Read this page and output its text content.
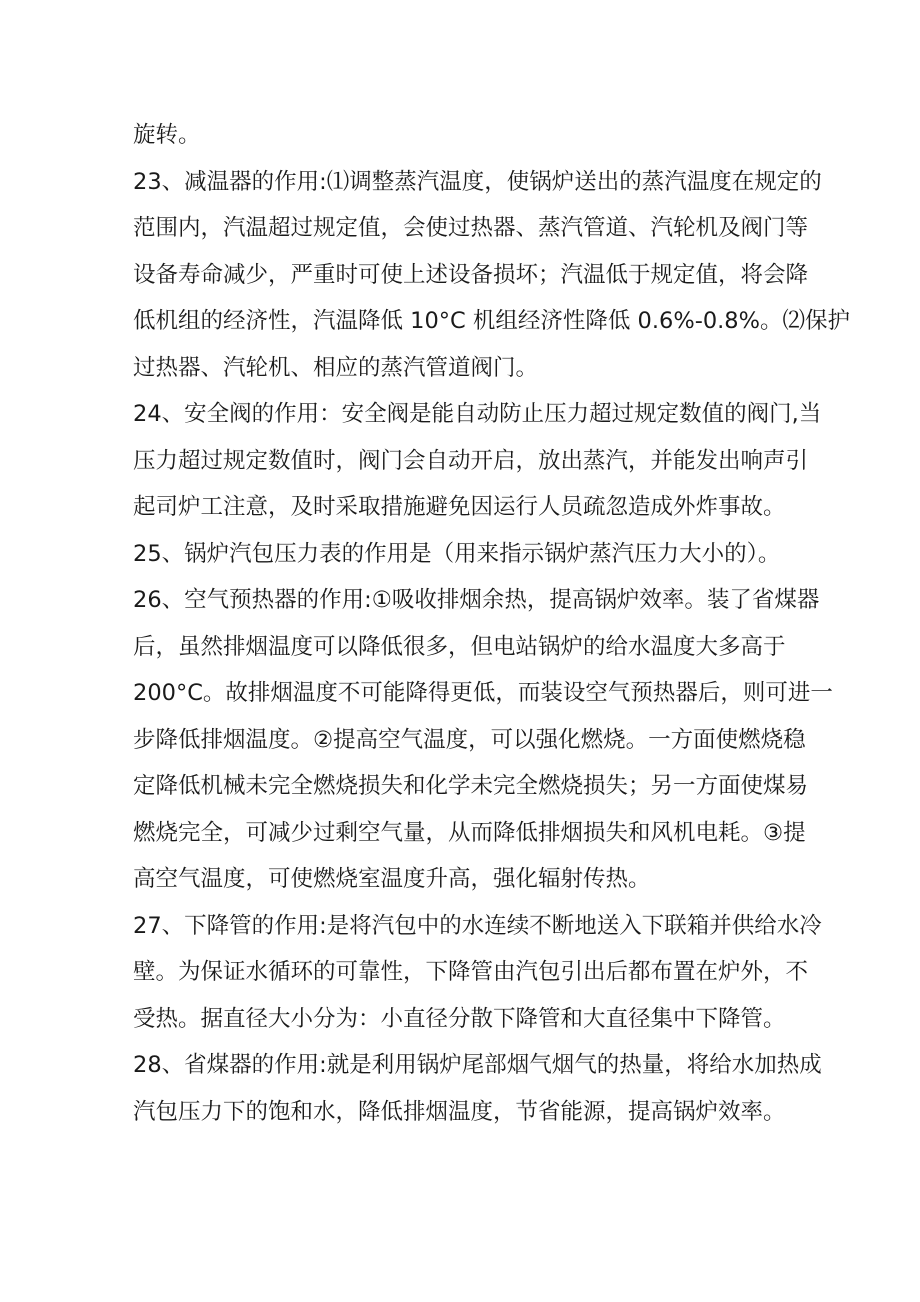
旋转。

23、减温器的作用:⑴调整蒸汽温度，使锅炉送出的蒸汽温度在规定的
范围内，汽温超过规定值，会使过热器、蒸汽管道、汽轮机及阀门等
设备寿命减少，严重时可使上述设备损坏；汽温低于规定值，将会降
低机组的经济性，汽温降低 10°C 机组经济性降低 0.6%-0.8%。⑵保护
过热器、汽轮机、相应的蒸汽管道阀门。

24、安全阀的作用：安全阀是能自动防止压力超过规定数值的阀门,当
压力超过规定数值时，阀门会自动开启，放出蒸汽，并能发出响声引
起司炉工注意，及时采取措施避免因运行人员疏忽造成外炸事故。

25、锅炉汽包压力表的作用是（用来指示锅炉蒸汽压力大小的）。

26、空气预热器的作用:①吸收排烟余热，提高锅炉效率。装了省煤器
后，虽然排烟温度可以降低很多，但电站锅炉的给水温度大多高于
200°C。故排烟温度不可能降得更低，而装设空气预热器后，则可进一
步降低排烟温度。②提高空气温度，可以强化燃烧。一方面使燃烧稳
定降低机械未完全燃烧损失和化学未完全燃烧损失；另一方面使煤易
燃烧完全，可减少过剩空气量，从而降低排烟损失和风机电耗。③提
高空气温度，可使燃烧室温度升高，强化辐射传热。

27、下降管的作用:是将汽包中的水连续不断地送入下联箱并供给水冷
壁。为保证水循环的可靠性，下降管由汽包引出后都布置在炉外，不
受热。据直径大小分为：小直径分散下降管和大直径集中下降管。

28、省煤器的作用:就是利用锅炉尾部烟气烟气的热量，将给水加热成
汽包压力下的饱和水，降低排烟温度，节省能源，提高锅炉效率。
